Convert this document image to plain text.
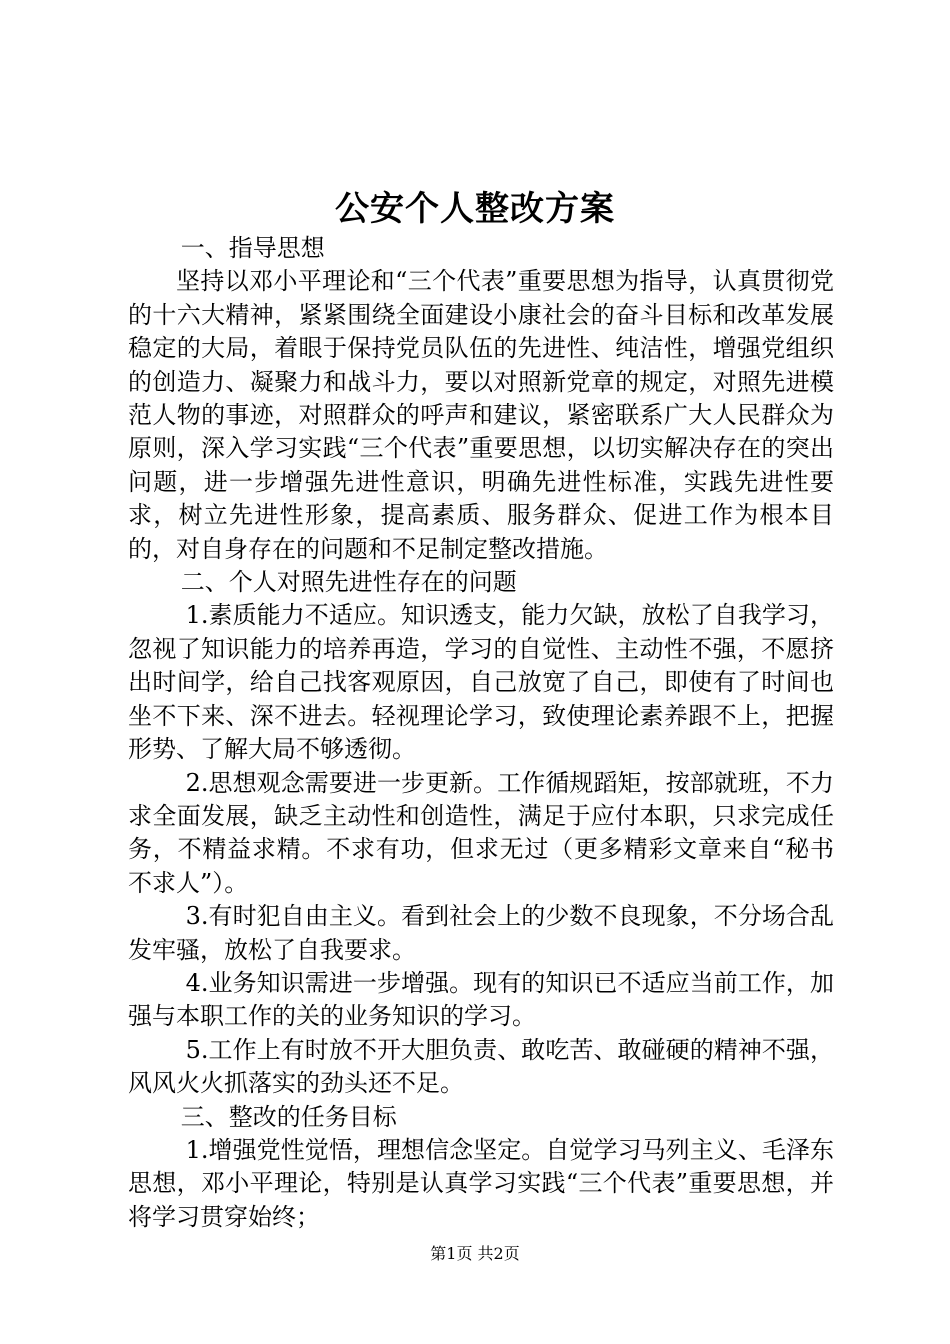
公安个人整改方案

一、指导思想

坚持以邓小平理论和“三个代表”重要思想为指导，认真贯彻党的十六大精神，紧紧围绕全面建设小康社会的奋斗目标和改革发展稳定的大局，着眼于保持党员队伍的先进性、纯洁性，增强党组织的创造力、凝聚力和战斗力，要以对照新党章的规定，对照先进模范人物的事迹，对照群众的呼声和建议，紧密联系广大人民群众为原则，深入学习实践“三个代表”重要思想，以切实解决存在的突出问题，进一步增强先进性意识，明确先进性标准，实践先进性要求，树立先进性形象，提高素质、服务群众、促进工作为根本目的，对自身存在的问题和不足制定整改措施。

二、个人对照先进性存在的问题

1.素质能力不适应。知识透支，能力欠缺，放松了自我学习，忽视了知识能力的培养再造，学习的自觉性、主动性不强，不愿挤出时间学，给自己找客观原因，自己放宽了自己，即使有了时间也坐不下来、深不进去。轻视理论学习，致使理论素养跟不上，把握形势、了解大局不够透彻。

2.思想观念需要进一步更新。工作循规蹈矩，按部就班，不力求全面发展，缺乏主动性和创造性，满足于应付本职，只求完成任务，不精益求精。不求有功，但求无过（更多精彩文章来自“秘书不求人”）。

3.有时犯自由主义。看到社会上的少数不良现象，不分场合乱发牢骚，放松了自我要求。

4.业务知识需进一步增强。现有的知识已不适应当前工作，加强与本职工作的关的业务知识的学习。

5.工作上有时放不开大胆负责、敢吃苦、敢碰硬的精神不强，风风火火抓落实的劲头还不足。

三、整改的任务目标

1.增强党性觉悟，理想信念坚定。自觉学习马列主义、毛泽东思想，邓小平理论，特别是认真学习实践“三个代表”重要思想，并将学习贯穿始终；

第1页 共2页
